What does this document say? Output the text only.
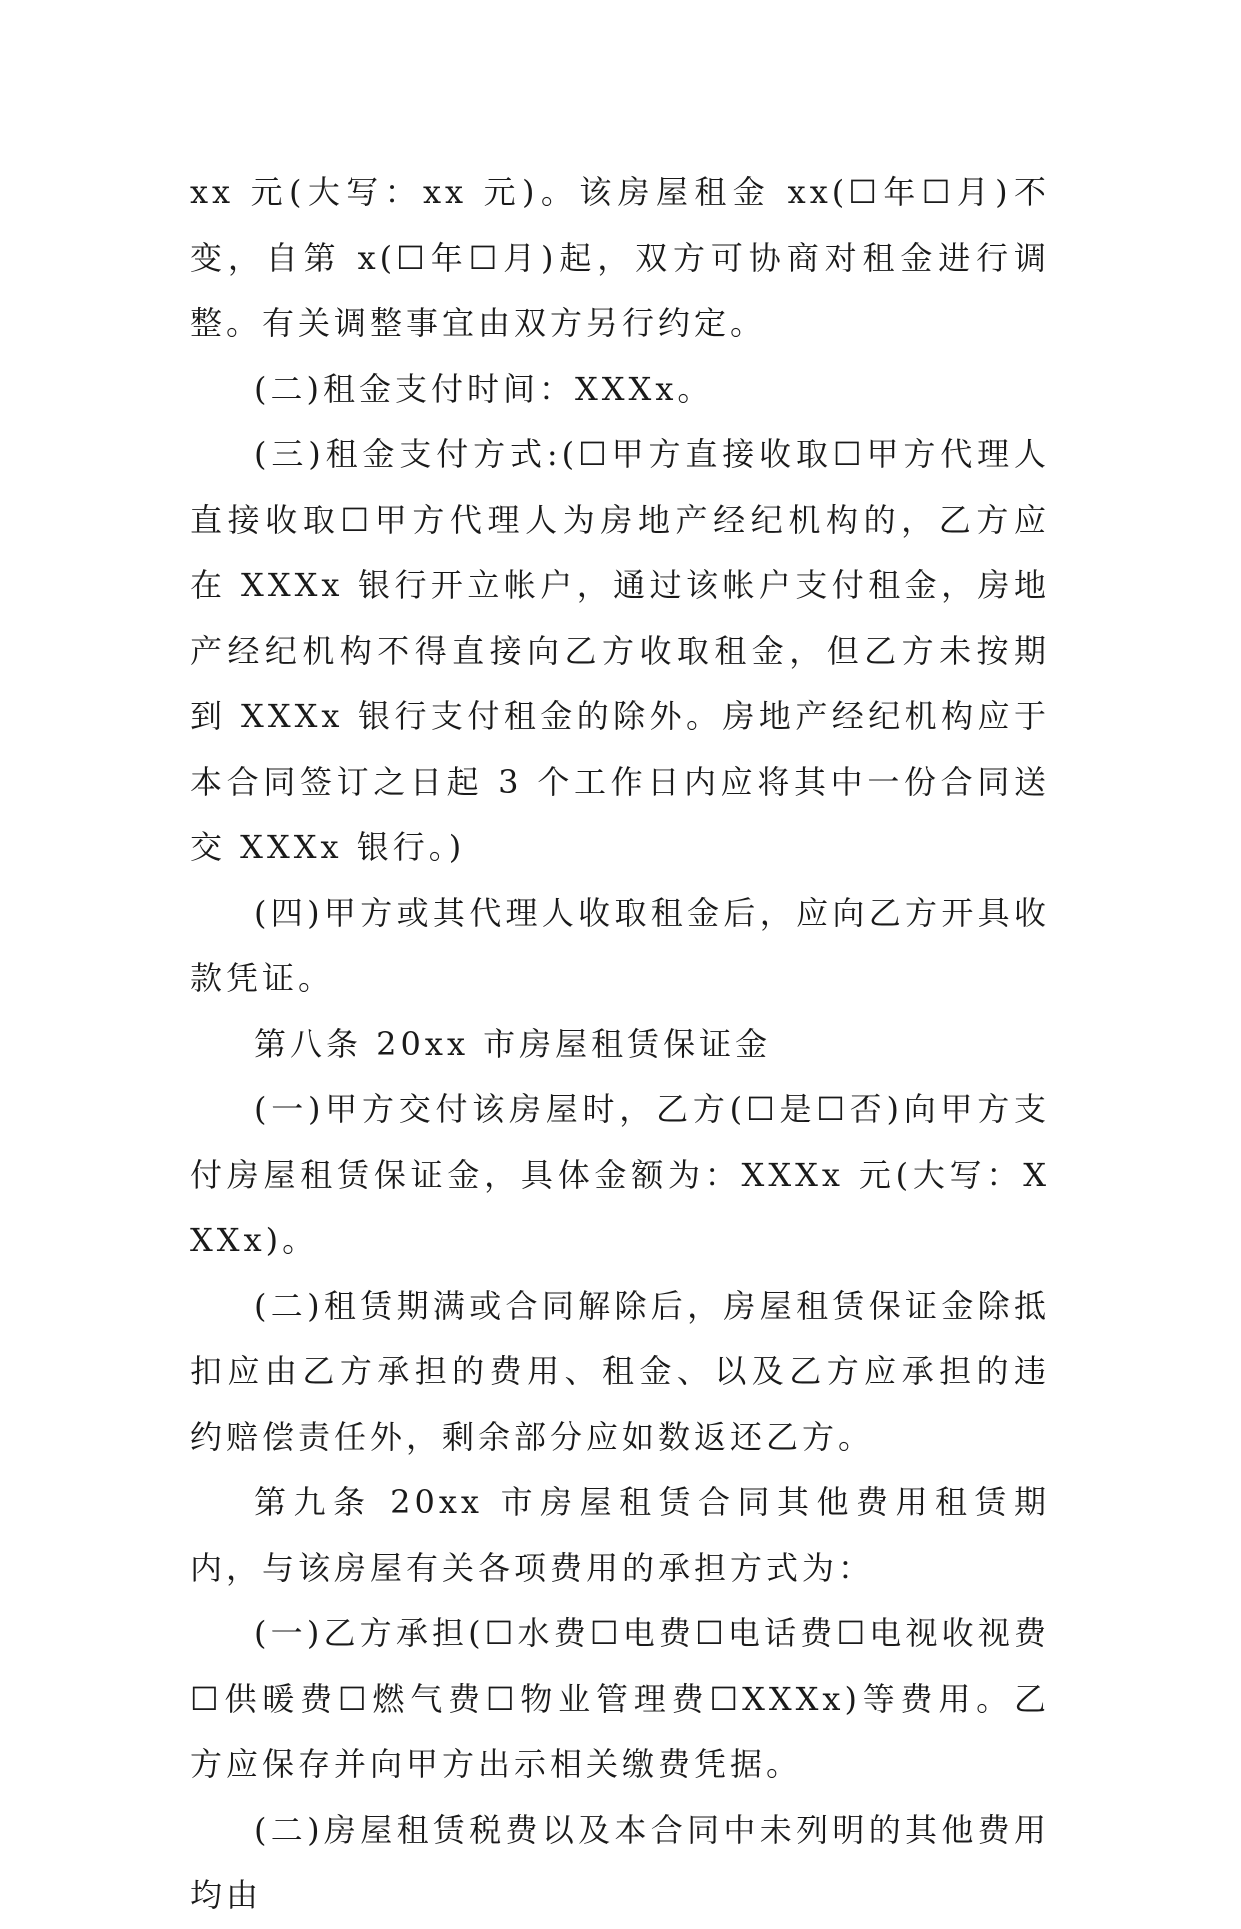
xx 元(大写：xx 元)。该房屋租金 xx(☐年☐月)不变，自第 x(☐年☐月)起，双方可协商对租金进行调整。有关调整事宜由双方另行约定。

(二)租金支付时间：XXXx。

(三)租金支付方式:(☐甲方直接收取☐甲方代理人直接收取☐甲方代理人为房地产经纪机构的，乙方应在 XXXx 银行开立帐户，通过该帐户支付租金，房地产经纪机构不得直接向乙方收取租金，但乙方未按期到 XXXx 银行支付租金的除外。房地产经纪机构应于本合同签订之日起 3 个工作日内应将其中一份合同送交 XXXx 银行。)

(四)甲方或其代理人收取租金后，应向乙方开具收款凭证。

第八条 20xx 市房屋租赁保证金

(一)甲方交付该房屋时，乙方(☐是☐否)向甲方支付房屋租赁保证金，具体金额为：XXXx 元(大写：XXXx)。

(二)租赁期满或合同解除后，房屋租赁保证金除抵扣应由乙方承担的费用、租金、以及乙方应承担的违约赔偿责任外，剩余部分应如数返还乙方。

第九条 20xx 市房屋租赁合同其他费用租赁期内，与该房屋有关各项费用的承担方式为：

(一)乙方承担(☐水费☐电费☐电话费☐电视收视费☐供暖费☐燃气费☐物业管理费☐XXXx)等费用。乙方应保存并向甲方出示相关缴费凭据。

(二)房屋租赁税费以及本合同中未列明的其他费用均由
